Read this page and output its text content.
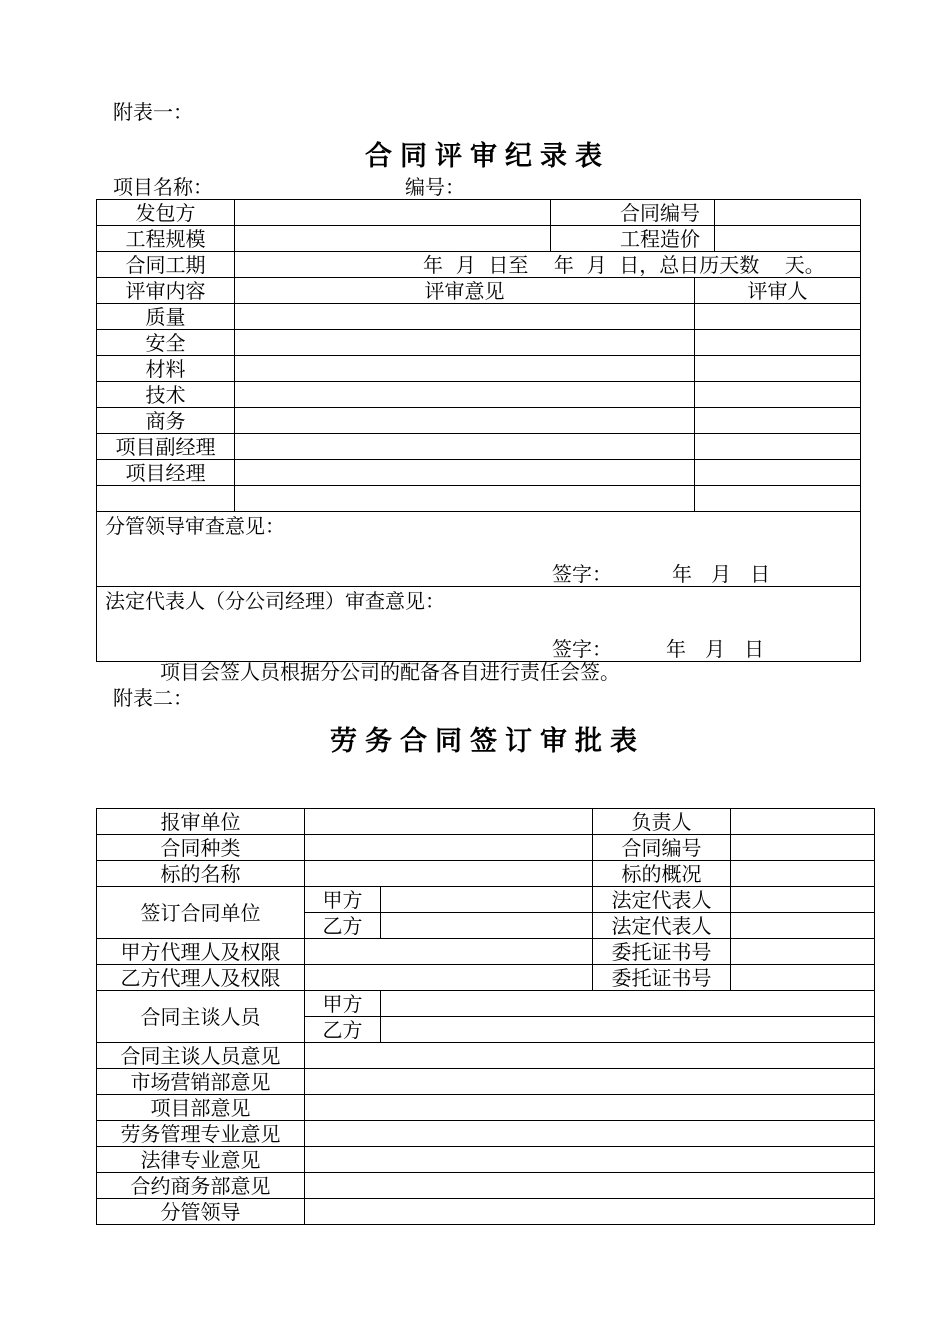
附表一：
合同评审纪录表
项目名称：	编号：
发包方		合同编号		
工程规模		工程造价		
合同工期	年  月  日至    年  月  日，总日历天数    天。			
评审内容	评审意见		评审人	
质量				
安全				
材料				
技术				
商务				
项目副经理				
项目经理				

分管领导审查意见：
签字： 年   月   日				

法定代表人（分公司经理）审查意见：
签字： 年   月   日				
项目会签人员根据分公司的配备各自进行责任会签。
附表二：
劳务合同签订审批表
报审单位			负责人	
合同种类			合同编号	
标的名称			标的概况	
签订合同单位	甲方		法定代表人	
	乙方		法定代表人	
甲方代理人及权限			委托证书号	
乙方代理人及权限			委托证书号	
合同主谈人员	甲方			
	乙方			
合同主谈人员意见				
市场营销部意见				
项目部意见				
劳务管理专业意见				
法律专业意见				
合约商务部意见				
分管领导				
